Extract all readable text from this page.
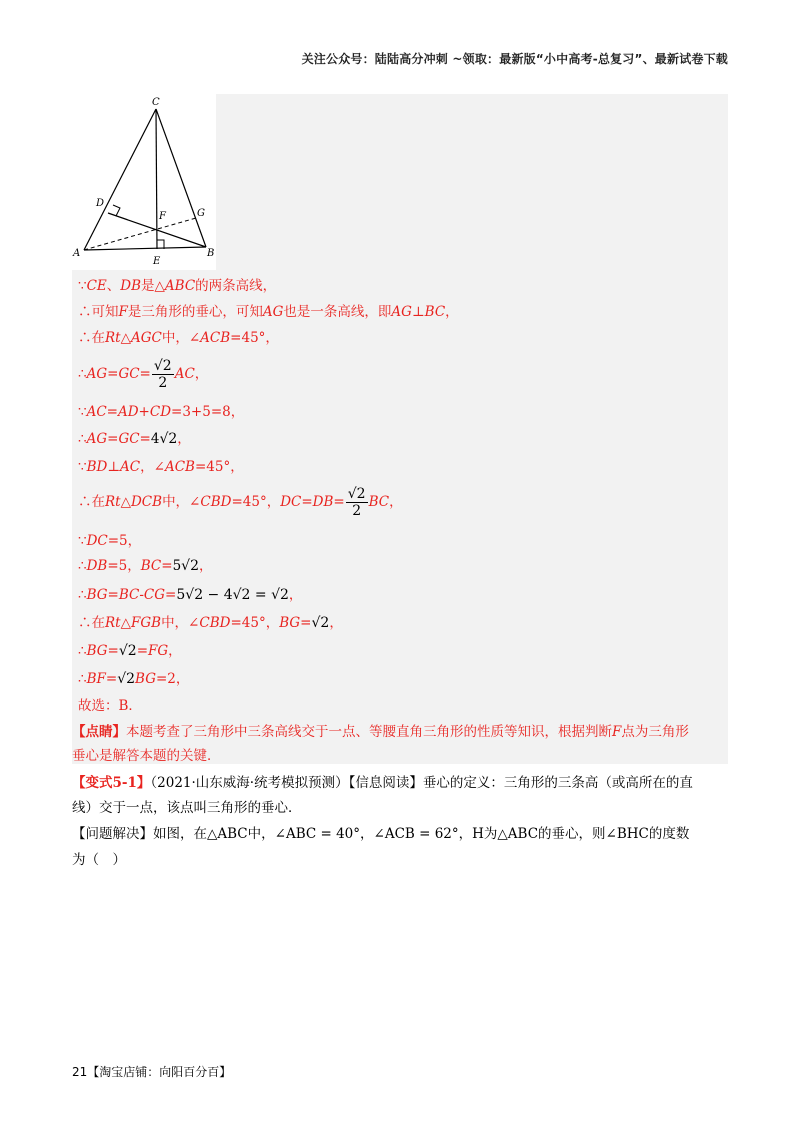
关注公众号：陆陆高分冲刺 ~领取：最新版“小中高考-总复习”、最新试卷下载
C
D
F	G
A
E
B
∵CE、DB是△ABC的两条高线，
∴可知F是三角形的垂心，可知AG也是一条高线，即AG⊥BC，
∴在Rt△AGC中，∠ACB=45°，
∴AG=GC= $\frac{√2}{2}$ AC，
∵AC=AD+CD=3+5=8，
∴AG=GC=4√2，
∵BD⊥AC，∠ACB=45°，
∴在Rt△DCB中，∠CBD=45°，$DC=DB= \frac{√2}{2}$ BC，
∵DC=5，
∴DB=5，BC=5√2，
∴BG=BC-CG=5√2 − 4√2 = √2，
∴在Rt△FGB中，∠CBD=45°，BG=√2，
∴BG=√2=FG，
∴BF=√2BG=2，
故选：B．
【点睛】本题考查了三角形中三条高线交于一点、等腰直角三角形的性质等知识，根据判断F点为三角形
垂心是解答本题的关键．
【变式5-1】（2021·山东威海·统考模拟预测）【信息阅读】垂心的定义：三角形的三条高（或高所在的直
线）交于一点，该点叫三角形的垂心．
【问题解决】如图，在△ABC中，∠ABC = 40°，∠ACB = 62°，H为△ABC的垂心，则∠BHC的度数
为（　）
21【淘宝店铺：向阳百分百】
